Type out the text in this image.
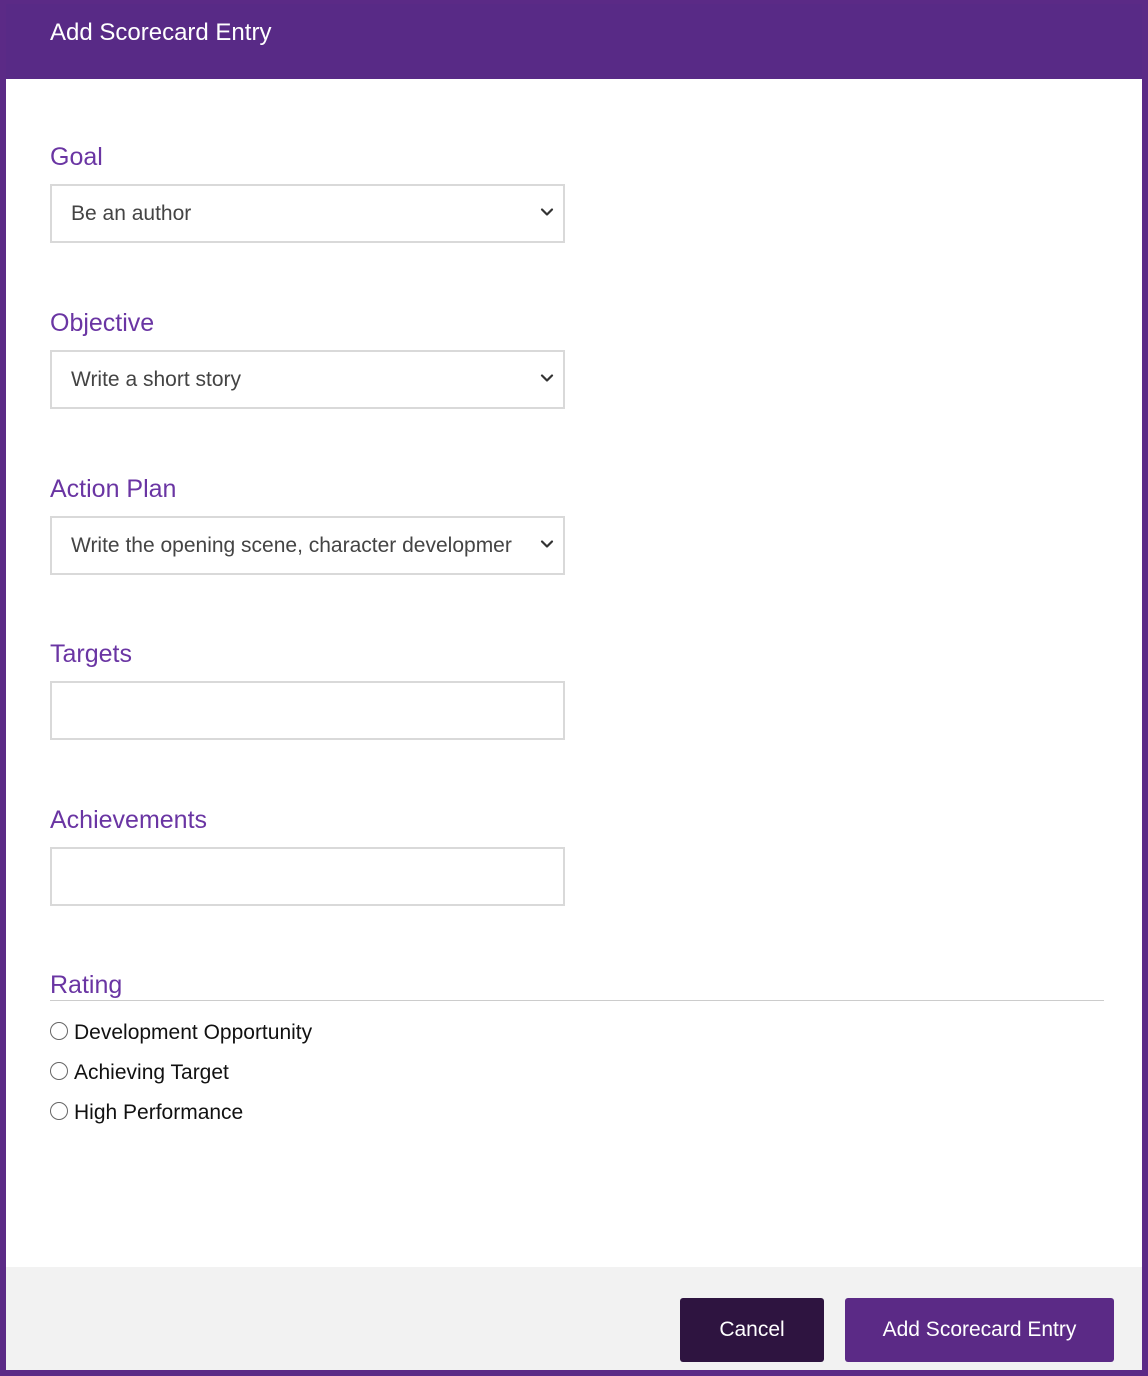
Add Scorecard Entry
Goal
Be an author
Objective
Write a short story
Action Plan
Write the opening scene, character developmer
Targets
Achievements
Rating
Development Opportunity
Achieving Target
High Performance
Cancel	Add Scorecard Entry
